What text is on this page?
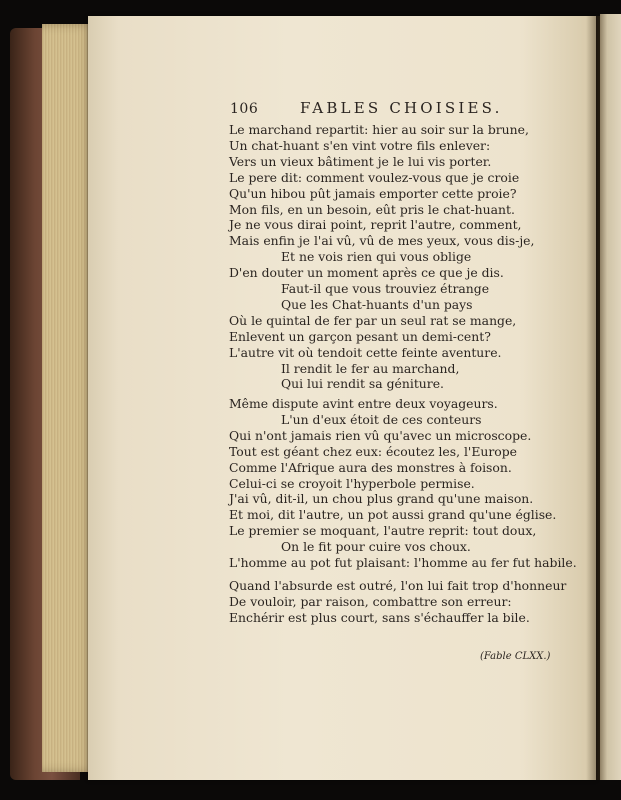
106	FABLES CHOISIES.
Le marchand repartit: hier au soir sur la brune,
Un chat-huant s'en vint votre fils enlever:
Vers un vieux bâtiment je le lui vis porter.
Le pere dit: comment voulez-vous que je croie
Qu'un hibou pût jamais emporter cette proie?
Mon fils, en un besoin, eût pris le chat-huant.
Je ne vous dirai point, reprit l'autre, comment,
Mais enfin je l'ai vû, vû de mes yeux, vous dis-je,
Et ne vois rien qui vous oblige
D'en douter un moment après ce que je dis.
Faut-il que vous trouviez étrange
Que les Chat-huants d'un pays
Où le quintal de fer par un seul rat se mange,
Enlevent un garçon pesant un demi-cent?
L'autre vit où tendoit cette feinte aventure.
Il rendit le fer au marchand,
Qui lui rendit sa géniture.
Même dispute avint entre deux voyageurs.
L'un d'eux étoit de ces conteurs
Qui n'ont jamais rien vû qu'avec un microscope.
Tout est géant chez eux: écoutez les, l'Europe
Comme l'Afrique aura des monstres à foison.
Celui-ci se croyoit l'hyperbole permise.
J'ai vû, dit-il, un chou plus grand qu'une maison.
Et moi, dit l'autre, un pot aussi grand qu'une église.
Le premier se moquant, l'autre reprit: tout doux,
On le fit pour cuire vos choux.
L'homme au pot fut plaisant: l'homme au fer fut habile.
Quand l'absurde est outré, l'on lui fait trop d'honneur
De vouloir, par raison, combattre son erreur:
Enchérir est plus court, sans s'échauffer la bile.
(Fable CLXX.)
